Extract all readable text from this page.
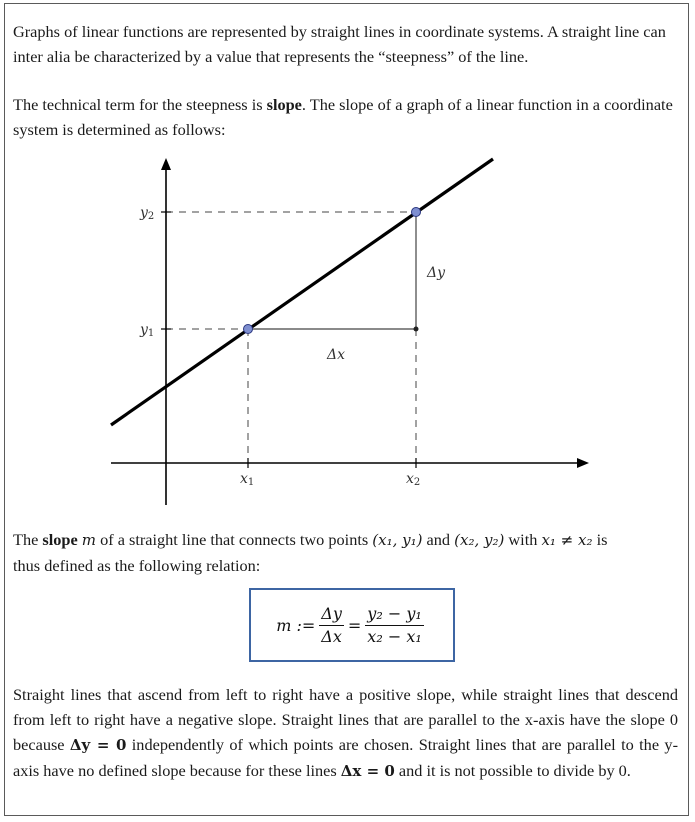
Graphs of linear functions are represented by straight lines in coordinate systems. A straight line can inter alia be characterized by a value that represents the “steepness” of the line.
The technical term for the steepness is slope. The slope of a graph of a linear function in a coordinate system is determined as follows:
y2
y1
x1	x2
Δx
Δy
The slope m of a straight line that connects two points (x₁, y₁) and (x₂, y₂) with x₁ ≠ x₂ is
thus defined as the following relation:
m := $\frac{\Delta y}{\Delta x} = \frac{\text{y₂ − y₁}}{\text{x₂ − x₁}}$
Straight lines that ascend from left to right have a positive slope, while straight lines that descend from left to right have a negative slope. Straight lines that are parallel to the x-axis have the slope 0 because Δy = 0 independently of which points are chosen. Straight lines that are parallel to the y-axis have no defined slope because for these lines Δx = 0 and it is not possible to divide by 0.
